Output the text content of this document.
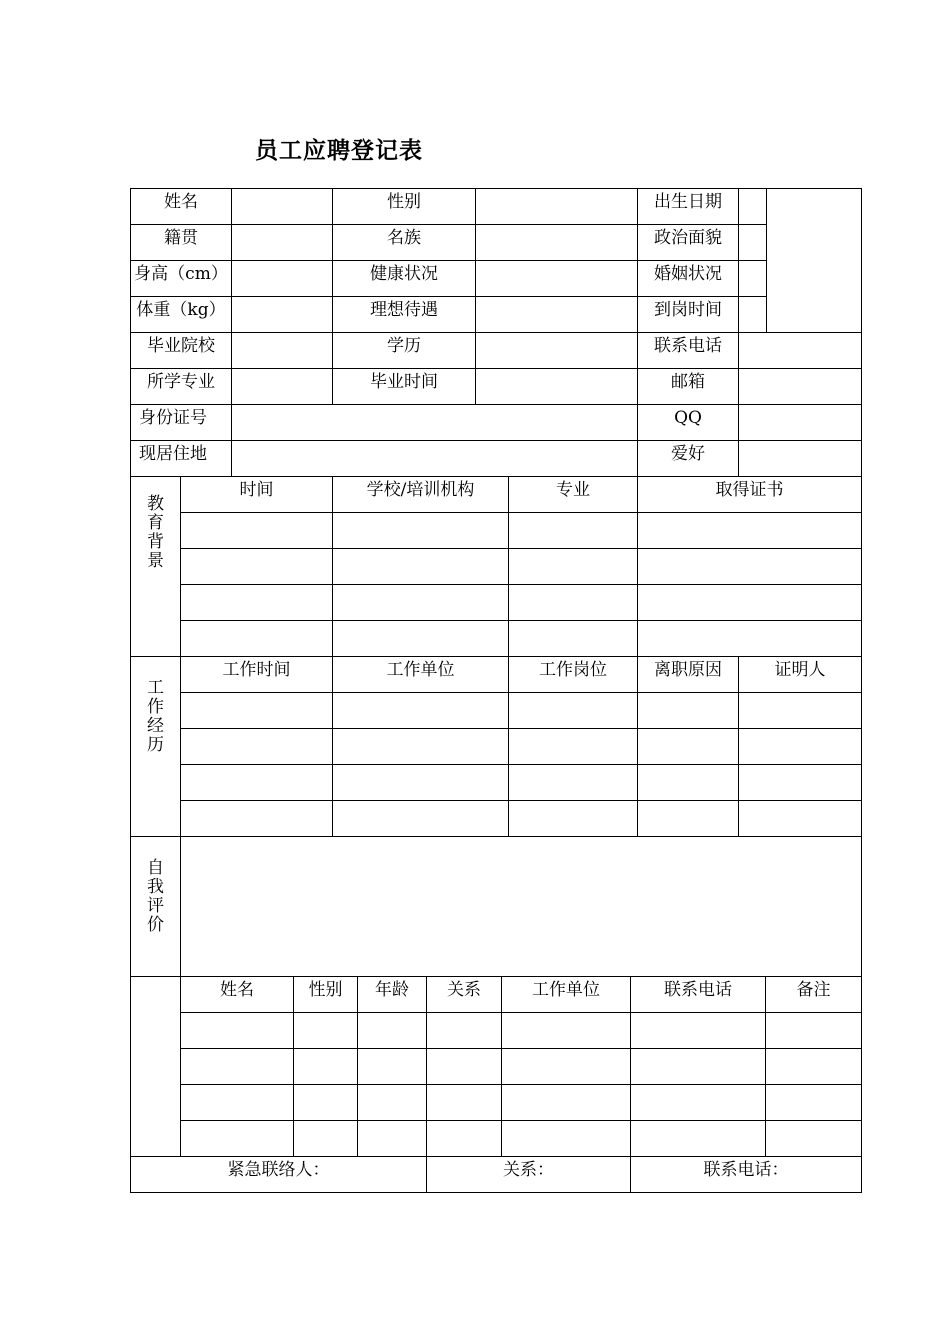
员工应聘登记表
姓名			性别			出生日期		
籍贯			名族			政治面貌		
身高（cm）			健康状况			婚姻状况		
体重（kg）			理想待遇			到岗时间		
毕业院校			学历			联系电话		
所学专业			毕业时间			邮箱		
身份证号						QQ		
现居住地						爱好		

教育背景	时间		学校/培训机构		专业	取得证书		

工作经历	工作时间		工作单位		工作岗位	离职原因	证明人	

自我评价								

	姓名	性别	年龄	关系	工作单位	联系电话	备注

紧急联络人：				关系：		联系电话：	
